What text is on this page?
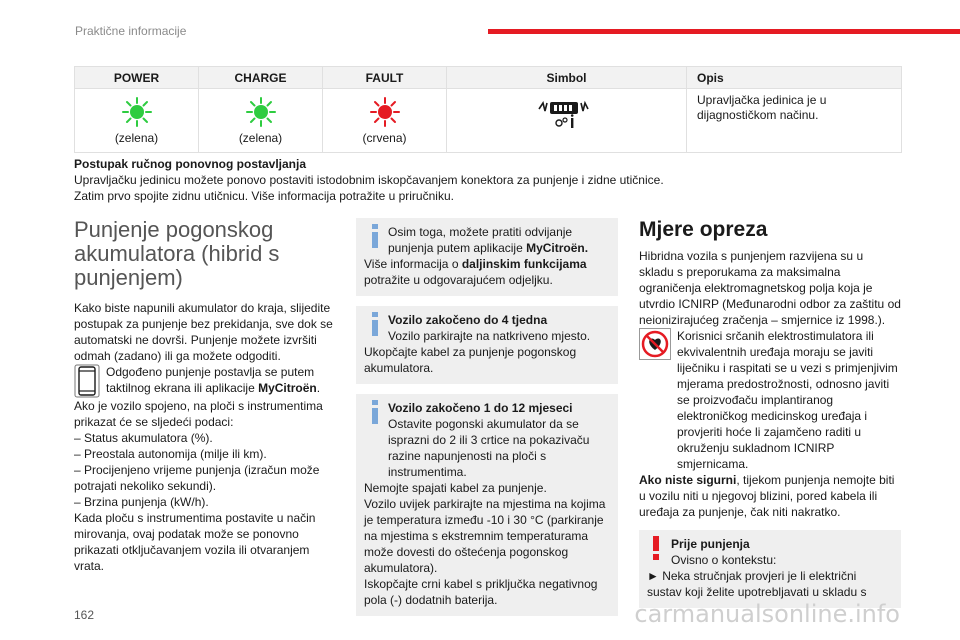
Praktične informacije
POWER	CHARGE	FAULT	Simbol	Opis

(zelena)	(zelena)	(crvena)		Upravljačka jedinica je u dijagnostičkom načinu.
Postupak ručnog ponovnog postavljanja
Upravljačku jedinicu možete ponovo postaviti istodobnim iskopčavanjem konektora za punjenje i zidne utičnice.
Zatim prvo spojite zidnu utičnicu. Više informacija potražite u priručniku.
Punjenje pogonskog akumulatora (hibrid s punjenjem)

Kako biste napunili akumulator do kraja, slijedite postupak za punjenje bez prekidanja, sve dok se automatski ne dovrši. Punjenje možete izvršiti odmah (zadano) ili ga možete odgoditi.

Odgođeno punjenje postavlja se putem taktilnog ekrana ili aplikacije MyCitroën.

Ako je vozilo spojeno, na ploči s instrumentima prikazat će se sljedeći podaci:

– Status akumulatora (%).

– Preostala autonomija (milje ili km).

– Procijenjeno vrijeme punjenja (izračun može potrajati nekoliko sekundi).

– Brzina punjenja (kW/h).

Kada ploču s instrumentima postavite u način mirovanja, ovaj podatak može se ponovno prikazati otključavanjem vozila ili otvaranjem vrata.

Osim toga, možete pratiti odvijanje punjenja putem aplikacije MyCitroën.
Više informacija o daljinskim funkcijama potražite u odgovarajućem odjeljku.
Vozilo zakočeno do 4 tjedna
Vozilo parkirajte na natkriveno mjesto.
Ukopčajte kabel za punjenje pogonskog akumulatora.
Vozilo zakočeno 1 do 12 mjeseci
Ostavite pogonski akumulator da se isprazni do 2 ili 3 crtice na pokazivaču razine napunjenosti na ploči s instrumentima.
Nemojte spajati kabel za punjenje.
Vozilo uvijek parkirajte na mjestima na kojima je temperatura između -10 i 30 °C (parkiranje na mjestima s ekstremnim temperaturama može dovesti do oštećenja pogonskog akumulatora).
Iskopčajte crni kabel s priključka negativnog pola (-) dodatnih baterija.
Mjere opreza

Hibridna vozila s punjenjem razvijena su u skladu s preporukama za maksimalna ograničenja elektromagnetskog polja koja je utvrdio ICNIRP (Međunarodni odbor za zaštitu od neionizirajućeg zračenja – smjernice iz 1998.).

Korisnici srčanih elektrostimulatora ili ekvivalentnih uređaja moraju se javiti liječniku i raspitati se u vezi s primjenjivim mjerama predostrožnosti, odnosno javiti se proizvođaču implantiranog elektroničkog medicinskog uređaja i provjeriti hoće li zajamčeno raditi u okruženju sukladnom ICNIRP smjernicama.

Ako niste sigurni, tijekom punjenja nemojte biti u vozilu niti u njegovoj blizini, pored kabela ili uređaja za punjenje, čak niti nakratko.

Prije punjenja
Ovisno o kontekstu:
► Neka stručnjak provjeri je li električni sustav koji želite upotrebljavati u skladu s
162	carmanualsonline.info
